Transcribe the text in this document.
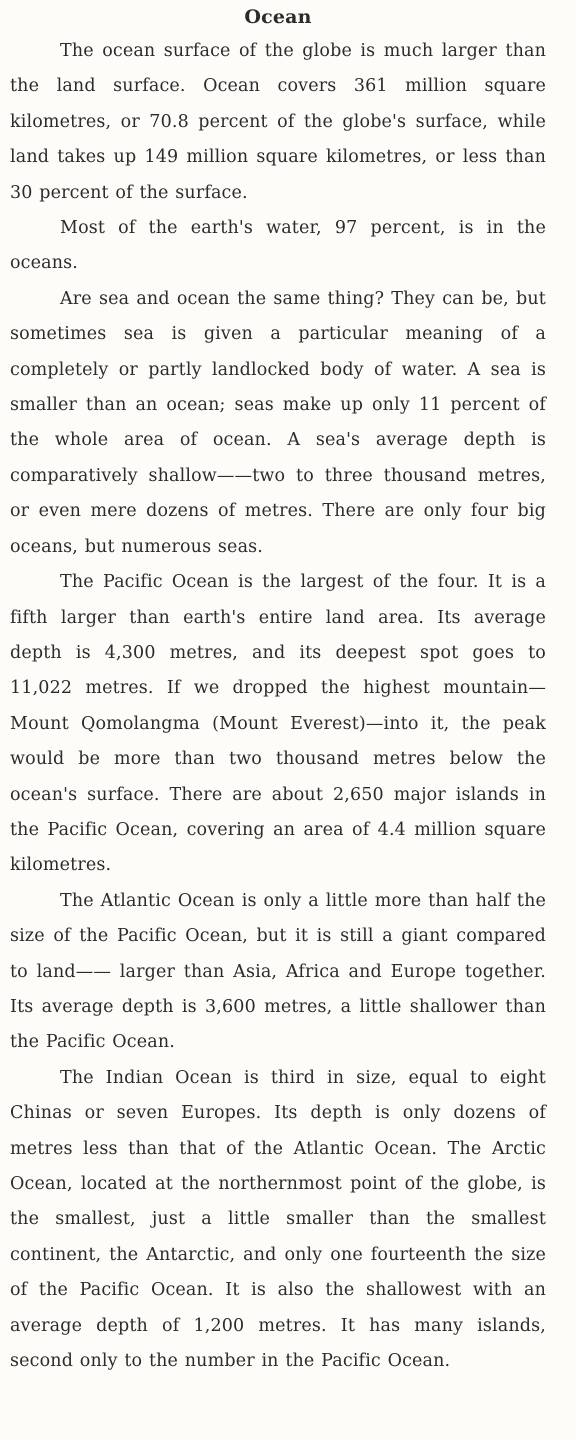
Ocean

The ocean surface of the globe is much larger than the land surface. Ocean covers 361 million square kilometres, or 70.8 percent of the globe's surface, while land takes up 149 million square kilometres, or less than 30 percent of the surface.

Most of the earth's water, 97 percent, is in the oceans.

Are sea and ocean the same thing? They can be, but sometimes sea is given a particular meaning of a completely or partly landlocked body of water. A sea is smaller than an ocean; seas make up only 11 percent of the whole area of ocean. A sea's average depth is comparatively shallow——two to three thousand metres, or even mere dozens of metres. There are only four big oceans, but numerous seas.

The Pacific Ocean is the largest of the four. It is a fifth larger than earth's entire land area. Its average depth is 4,300 metres, and its deepest spot goes to 11,022 metres. If we dropped the highest mountain—Mount Qomolangma (Mount Everest)—into it, the peak would be more than two thousand metres below the ocean's surface. There are about 2,650 major islands in the Pacific Ocean, covering an area of 4.4 million square kilometres.

The Atlantic Ocean is only a little more than half the size of the Pacific Ocean, but it is still a giant compared to land—— larger than Asia, Africa and Europe together. Its average depth is 3,600 metres, a little shallower than the Pacific Ocean.

The Indian Ocean is third in size, equal to eight Chinas or seven Europes. Its depth is only dozens of metres less than that of the Atlantic Ocean. The Arctic Ocean, located at the northernmost point of the globe, is the smallest, just a little smaller than the smallest continent, the Antarctic, and only one fourteenth the size of the Pacific Ocean. It is also the shallowest with an average depth of 1,200 metres. It has many islands, second only to the number in the Pacific Ocean.
